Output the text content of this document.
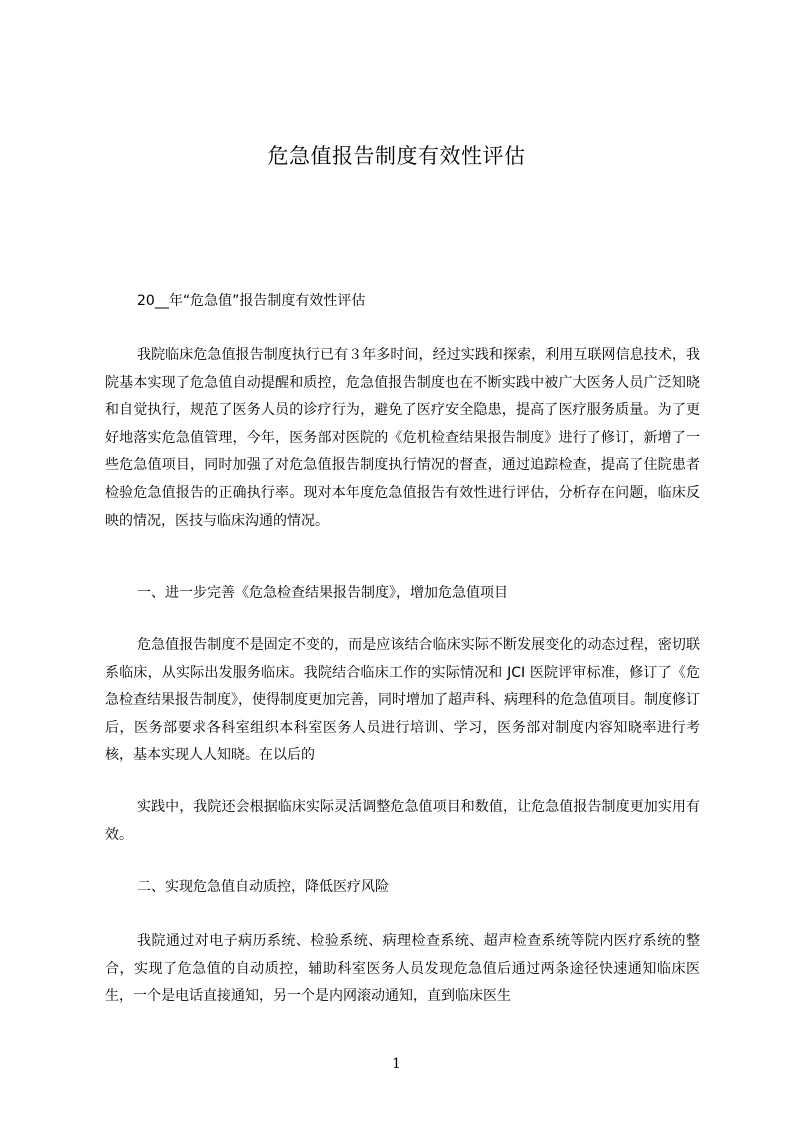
危急值报告制度有效性评估
20__年“危急值”报告制度有效性评估

我院临床危急值报告制度执行已有３年多时间，经过实践和探索，利用互联网信息技术，我院基本实现了危急值自动提醒和质控，危急值报告制度也在不断实践中被广大医务人员广泛知晓和自觉执行，规范了医务人员的诊疗行为，避免了医疗安全隐患，提高了医疗服务质量。为了更好地落实危急值管理，今年，医务部对医院的《危机检查结果报告制度》进行了修订，新增了一些危急值项目，同时加强了对危急值报告制度执行情况的督查，通过追踪检查，提高了住院患者检验危急值报告的正确执行率。现对本年度危急值报告有效性进行评估，分析存在问题，临床反映的情况，医技与临床沟通的情况。

一、进一步完善《危急检查结果报告制度》，增加危急值项目

危急值报告制度不是固定不变的，而是应该结合临床实际不断发展变化的动态过程，密切联系临床，从实际出发服务临床。我院结合临床工作的实际情况和 JCI 医院评审标准，修订了《危急检查结果报告制度》，使得制度更加完善，同时增加了超声科、病理科的危急值项目。制度修订后，医务部要求各科室组织本科室医务人员进行培训、学习，医务部对制度内容知晓率进行考核，基本实现人人知晓。在以后的

实践中，我院还会根据临床实际灵活调整危急值项目和数值，让危急值报告制度更加实用有效。

二、实现危急值自动质控，降低医疗风险

我院通过对电子病历系统、检验系统、病理检查系统、超声检查系统等院内医疗系统的整合，实现了危急值的自动质控，辅助科室医务人员发现危急值后通过两条途径快速通知临床医生，一个是电话直接通知，另一个是内网滚动通知，直到临床医生

1
